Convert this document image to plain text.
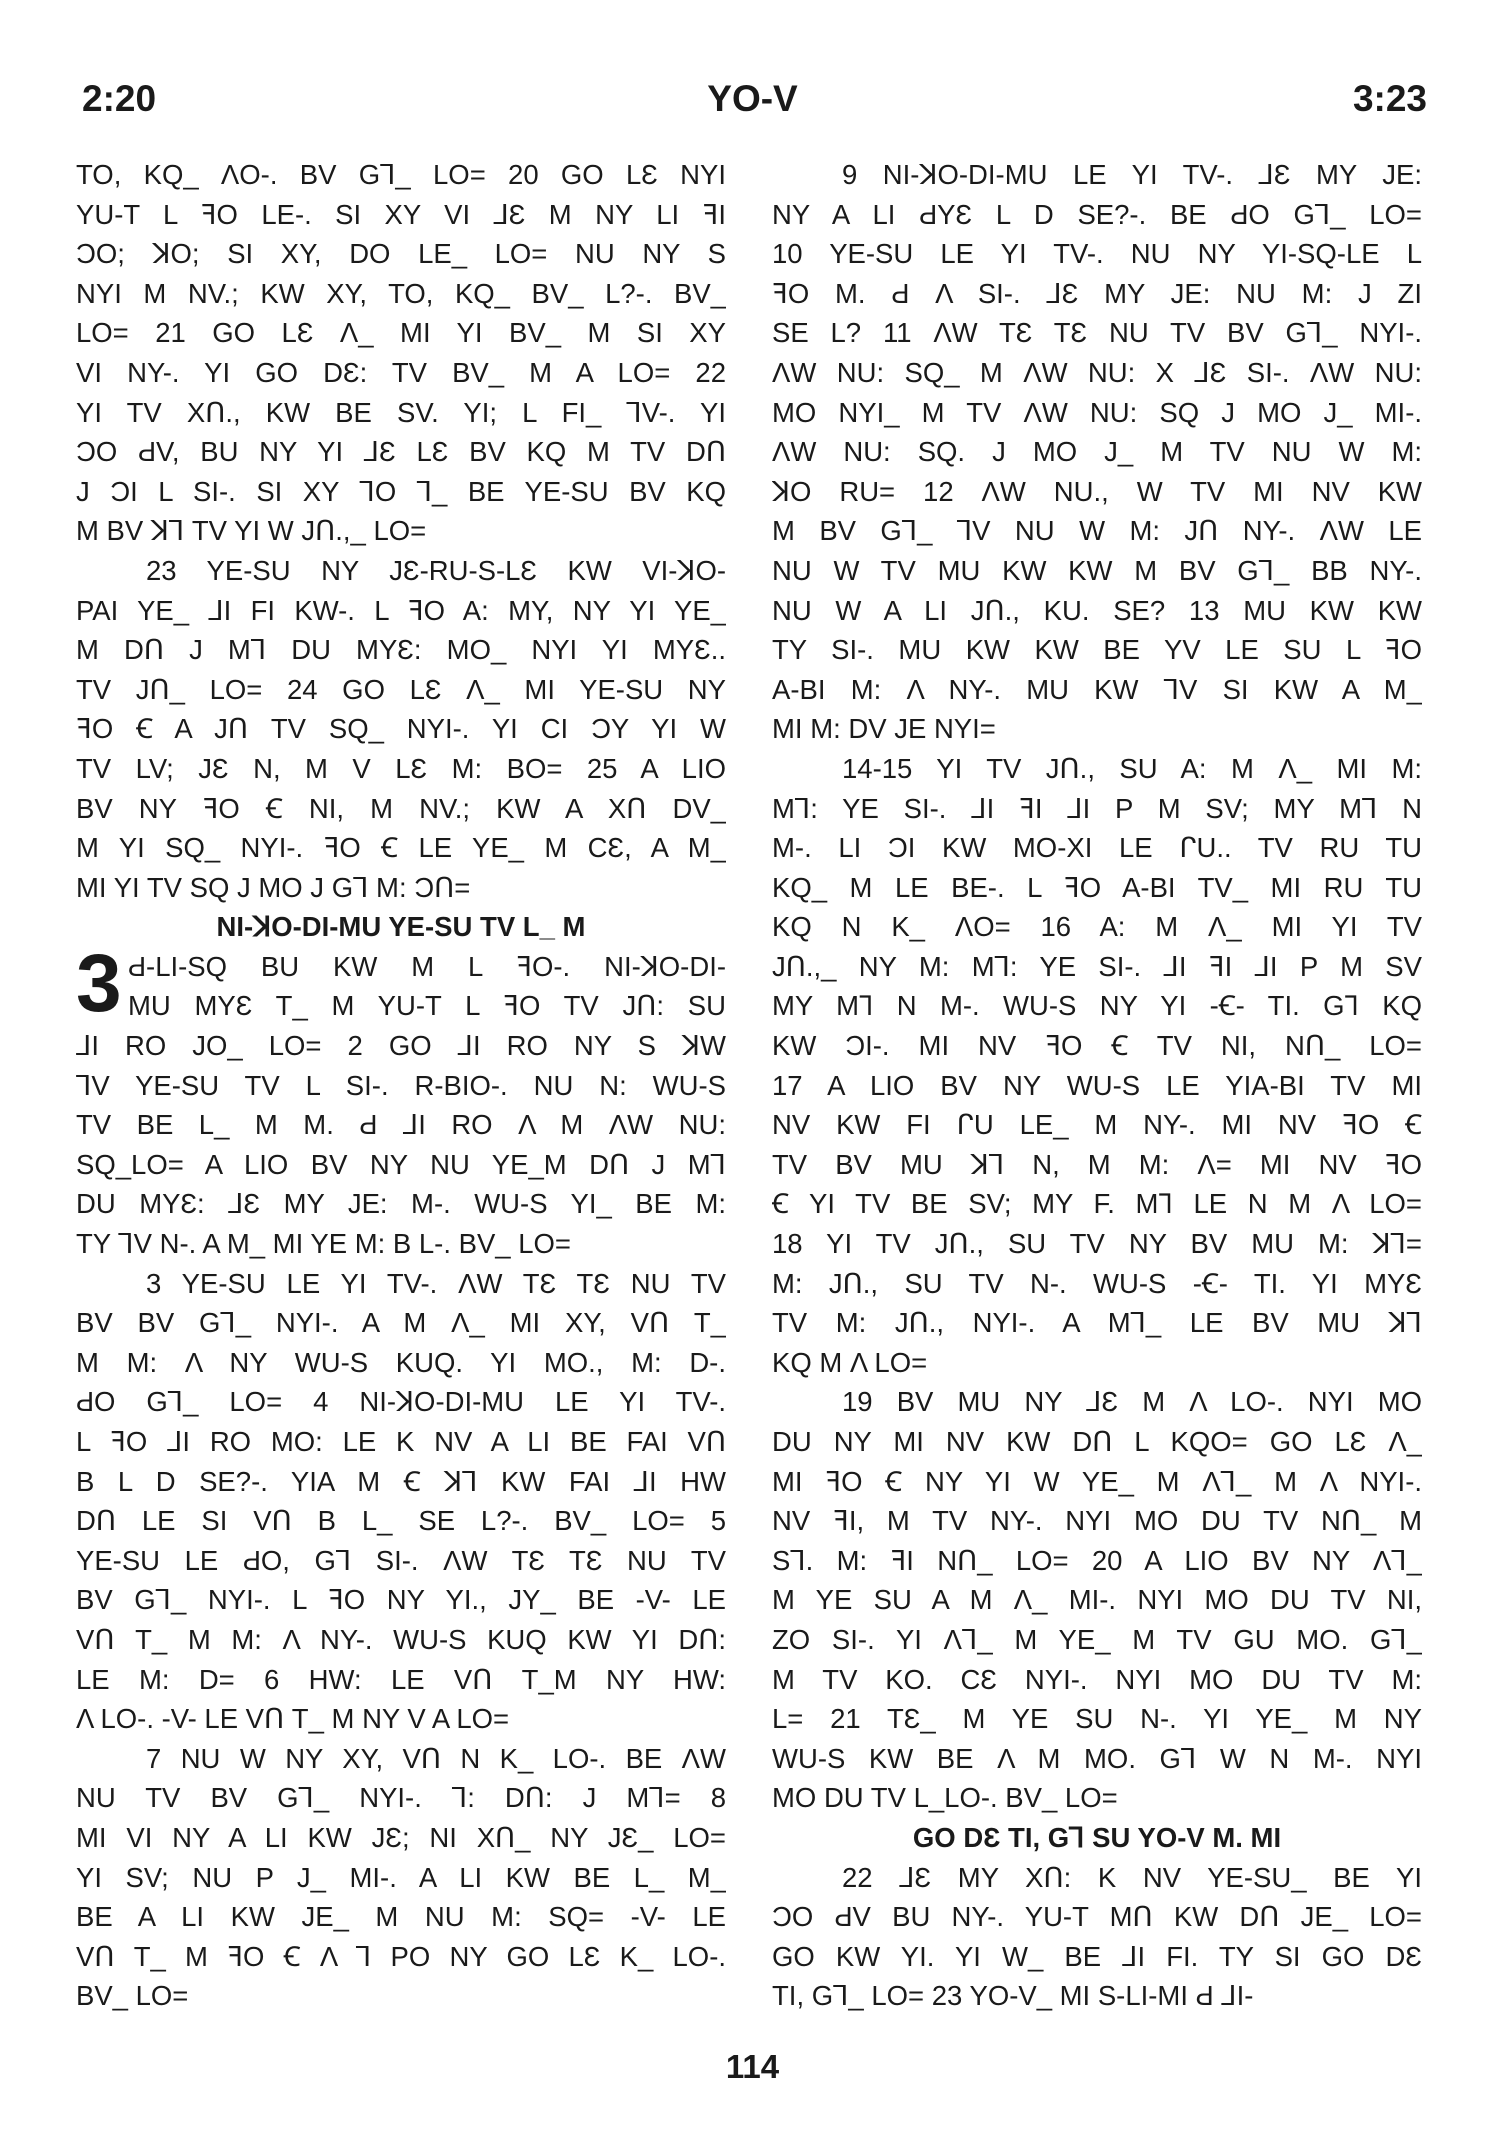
2:20	YO-V	3:23
TO, KQ_ ΛO-. BV G⅂_ LO= 20 GO LƐ NYI
YU-T L ꟻO LE-. SI XY VI ⅃Ɛ M NY LI ꟻI
ƆO; ꓘO; SI XY, DO LE_ LO= NU NY S
NYI M NV.; KW XY, TO, KQ_ BV_ L?-. BV_
LO= 21 GO LƐ Λ_ MI YI BV_ M SI XY
VI NY-. YI GO DƐ: TV BV_ M A LO= 22
YI TV XՈ., KW BE SV. YI; L FI_ ⅂V-. YI
ƆO ԀV, BU NY YI ⅃Ɛ LƐ BV KQ M TV DՈ
J ƆI L SI-. SI XY ⅂O ⅂_ BE YE-SU BV KQ
M BV ꓘ⅂ TV YI W JՈ.,_ LO=
23 YE-SU NY JƐ-RU-S-LƐ KW VI-ꓘO-
PAI YE_ ⅃I FI KW-. L ꟻO A: MY, NY YI YE_
M DՈ J M⅂ DU MYƐ: MO_ NYI YI MYƐ..
TV JՈ_ LO= 24 GO LƐ Λ_ MI YE-SU NY
ꟻO Ꞓ A JՈ TV SQ_ NYI-. YI CI ƆY YI W
TV LV; JƐ N, M V LƐ M: BO= 25 A LIO
BV NY ꟻO Ꞓ NI, M NV.; KW A XՈ DV_
M YI SQ_ NYI-. ꟻO Ꞓ LE YE_ M CƐ, A M_
MI YI TV SQ J MO J G⅂ M: ƆՈ=
NI-ꓘO-DI-MU YE-SU TV L_ M
3 Ԁ-LI-SQ BU KW M L ꟻO-. NI-ꓘO-DI-
MU MYƐ T_ M YU-T L ꟻO TV JՈ: SU
⅃I RO JO_ LO= 2 GO ⅃I RO NY S ꓘW
⅂V YE-SU TV L SI-. R-BIO-. NU N: WU-S
TV BE L_ M M. Ԁ ⅃I RO Λ M ΛW NU:
SQ_LO= A LIO BV NY NU YE_M DՈ J M⅂
DU MYƐ: ⅃Ɛ MY JE: M-. WU-S YI_ BE M:
TY ⅂V N-. A M_ MI YE M: B L-. BV_ LO=
3 YE-SU LE YI TV-. ΛW TƐ TƐ NU TV
BV BV G⅂_ NYI-. A M Λ_ MI XY, VՈ T_
M M: Λ NY WU-S KUQ. YI MO., M: D-.
ԀO G⅂_ LO= 4 NI-ꓘO-DI-MU LE YI TV-.
L ꟻO ⅃I RO MO: LE K NV A LI BE FAI VՈ
B L D SE?-. YIA M Ꞓ ꓘ⅂ KW FAI ⅃I HW
DՈ LE SI VՈ B L_ SE L?-. BV_ LO= 5
YE-SU LE ԀO, G⅂ SI-. ΛW TƐ TƐ NU TV
BV G⅂_ NYI-. L ꟻO NY YI., JY_ BE -V- LE
VՈ T_ M M: Λ NY-. WU-S KUQ KW YI DՈ:
LE M: D= 6 HW: LE VՈ T_M NY HW:
Λ LO-. -V- LE VՈ T_ M NY V A LO=
7 NU W NY XY, VՈ N K_ LO-. BE ΛW
NU TV BV G⅂_ NYI-. ⅂: DՈ: J M⅂= 8
MI VI NY A LI KW JƐ; NI XՈ_ NY JƐ_ LO=
YI SV; NU P J_ MI-. A LI KW BE L_ M_
BE A LI KW JE_ M NU M: SQ= -V- LE
VՈ T_ M ꟻO Ꞓ Λ ⅂ PO NY GO LƐ K_ LO-.
BV_ LO=
9 NI-ꓘO-DI-MU LE YI TV-. ⅃Ɛ MY JE:
NY A LI ԀYƐ L D SE?-. BE ԀO G⅂_ LO=
10 YE-SU LE YI TV-. NU NY YI-SQ-LE L
ꟻO M. Ԁ Λ SI-. ⅃Ɛ MY JE: NU M: J ZI
SE L? 11 ΛW TƐ TƐ NU TV BV G⅂_ NYI-.
ΛW NU: SQ_ M ΛW NU: X ⅃Ɛ SI-. ΛW NU:
MO NYI_ M TV ΛW NU: SQ J MO J_ MI-.
ΛW NU: SQ. J MO J_ M TV NU W M:
ꓘO RU= 12 ΛW NU., W TV MI NV KW
M BV G⅂_ ⅂V NU W M: JՈ NY-. ΛW LE
NU W TV MU KW KW M BV G⅂_ BB NY-.
NU W A LI JՈ., KU. SE? 13 MU KW KW
TY SI-. MU KW KW BE YV LE SU L ꟻO
A-BI M: Λ NY-. MU KW ⅂V SI KW A M_
MI M: DV JE NYI=
14-15 YI TV JՈ., SU A: M Λ_ MI M:
M⅂: YE SI-. ⅃I ꟻI ⅃I P M SV; MY M⅂ N
M-. LI ƆI KW MO-XI LE ᒋU.. TV RU TU
KQ_ M LE BE-. L ꟻO A-BI TV_ MI RU TU
KQ N K_ ΛO= 16 A: M Λ_ MI YI TV
JՈ.,_ NY M: M⅂: YE SI-. ⅃I ꟻI ⅃I P M SV
MY M⅂ N M-. WU-S NY YI -Ꞓ- TI. G⅂ KQ
KW ƆI-. MI NV ꟻO Ꞓ TV NI, NՈ_ LO=
17 A LIO BV NY WU-S LE YIA-BI TV MI
NV KW FI ᒋU LE_ M NY-. MI NV ꟻO Ꞓ
TV BV MU ꓘ⅂ N, M M: Λ= MI NV ꟻO
Ꞓ YI TV BE SV; MY F. M⅂ LE N M Λ LO=
18 YI TV JՈ., SU TV NY BV MU M: ꓘ⅂=
M: JՈ., SU TV N-. WU-S -Ꞓ- TI. YI MYƐ
TV M: JՈ., NYI-. A M⅂_ LE BV MU ꓘ⅂
KQ M Λ LO=
19 BV MU NY ⅃Ɛ M Λ LO-. NYI MO
DU NY MI NV KW DՈ L KQO= GO LƐ Λ_
MI ꟻO Ꞓ NY YI W YE_ M Λ⅂_ M Λ NYI-.
NV ꟻI, M TV NY-. NYI MO DU TV NՈ_ M
S⅂. M: ꟻI NՈ_ LO= 20 A LIO BV NY Λ⅂_
M YE SU A M Λ_ MI-. NYI MO DU TV NI,
ZO SI-. YI Λ⅂_ M YE_ M TV GU MO. G⅂_
M TV KO. CƐ NYI-. NYI MO DU TV M:
L= 21 TƐ_ M YE SU N-. YI YE_ M NY
WU-S KW BE Λ M MO. G⅂ W N M-. NYI
MO DU TV L_LO-. BV_ LO=
GO DƐ TI, G⅂ SU YO-V M. MI
22 ⅃Ɛ MY XՈ: K NV YE-SU_ BE YI
ƆO ԀV BU NY-. YU-T MՈ KW DՈ JE_ LO=
GO KW YI. YI W_ BE ⅃I FI. TY SI GO DƐ
TI, G⅂_ LO= 23 YO-V_ MI S-LI-MI Ԁ ⅃I-
114
